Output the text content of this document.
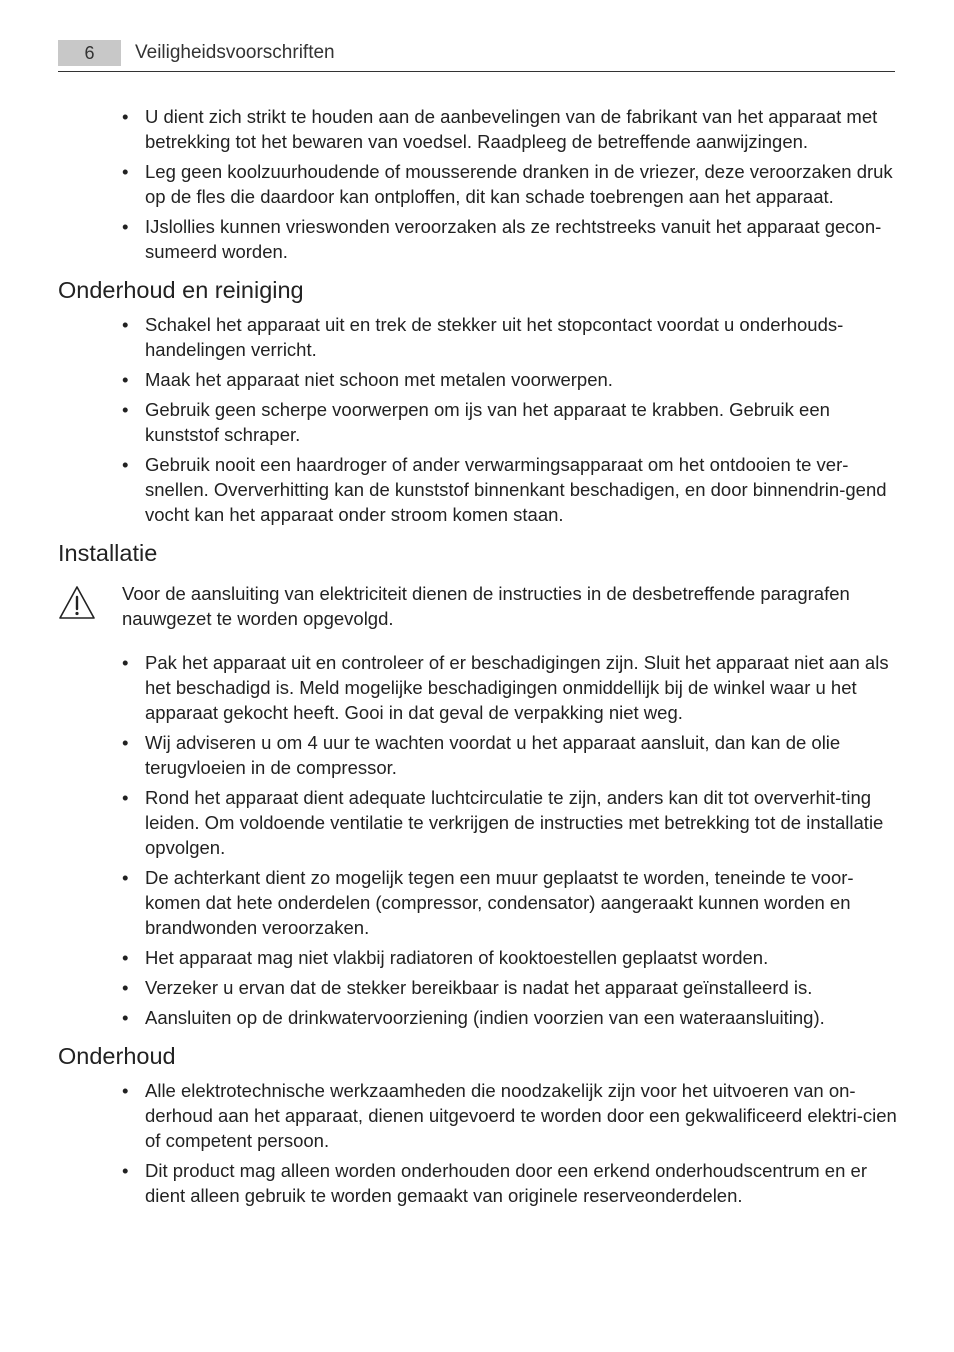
6	Veiligheidsvoorschriften
• U dient zich strikt te houden aan de aanbevelingen van de fabrikant van het apparaat met betrekking tot het bewaren van voedsel. Raadpleeg de betreffende aanwijzingen.
• Leg geen koolzuurhoudende of mousserende dranken in de vriezer, deze veroorzaken druk op de fles die daardoor kan ontploffen, dit kan schade toebrengen aan het apparaat.
• IJslollies kunnen vrieswonden veroorzaken als ze rechtstreeks vanuit het apparaat gecon-sumeerd worden.
Onderhoud en reiniging
• Schakel het apparaat uit en trek de stekker uit het stopcontact voordat u onderhouds-handelingen verricht.
• Maak het apparaat niet schoon met metalen voorwerpen.
• Gebruik geen scherpe voorwerpen om ijs van het apparaat te krabben. Gebruik een kunststof schraper.
• Gebruik nooit een haardroger of ander verwarmingsapparaat om het ontdooien te ver-snellen. Oververhitting kan de kunststof binnenkant beschadigen, en door binnendrin-gend vocht kan het apparaat onder stroom komen staan.
Installatie

Voor de aansluiting van elektriciteit dienen de instructies in de desbetreffende paragrafen nauwgezet te worden opgevolgd.

• Pak het apparaat uit en controleer of er beschadigingen zijn. Sluit het apparaat niet aan als het beschadigd is. Meld mogelijke beschadigingen onmiddellijk bij de winkel waar u het apparaat gekocht heeft. Gooi in dat geval de verpakking niet weg.
• Wij adviseren u om 4 uur te wachten voordat u het apparaat aansluit, dan kan de olie terugvloeien in de compressor.
• Rond het apparaat dient adequate luchtcirculatie te zijn, anders kan dit tot oververhit-ting leiden. Om voldoende ventilatie te verkrijgen de instructies met betrekking tot de installatie opvolgen.
• De achterkant dient zo mogelijk tegen een muur geplaatst te worden, teneinde te voor-komen dat hete onderdelen (compressor, condensator) aangeraakt kunnen worden en brandwonden veroorzaken.
• Het apparaat mag niet vlakbij radiatoren of kooktoestellen geplaatst worden.
• Verzeker u ervan dat de stekker bereikbaar is nadat het apparaat geïnstalleerd is.
• Aansluiten op de drinkwatervoorziening (indien voorzien van een wateraansluiting).
Onderhoud
• Alle elektrotechnische werkzaamheden die noodzakelijk zijn voor het uitvoeren van on-derhoud aan het apparaat, dienen uitgevoerd te worden door een gekwalificeerd elektri-cien of competent persoon.
• Dit product mag alleen worden onderhouden door een erkend onderhoudscentrum en er dient alleen gebruik te worden gemaakt van originele reserveonderdelen.
